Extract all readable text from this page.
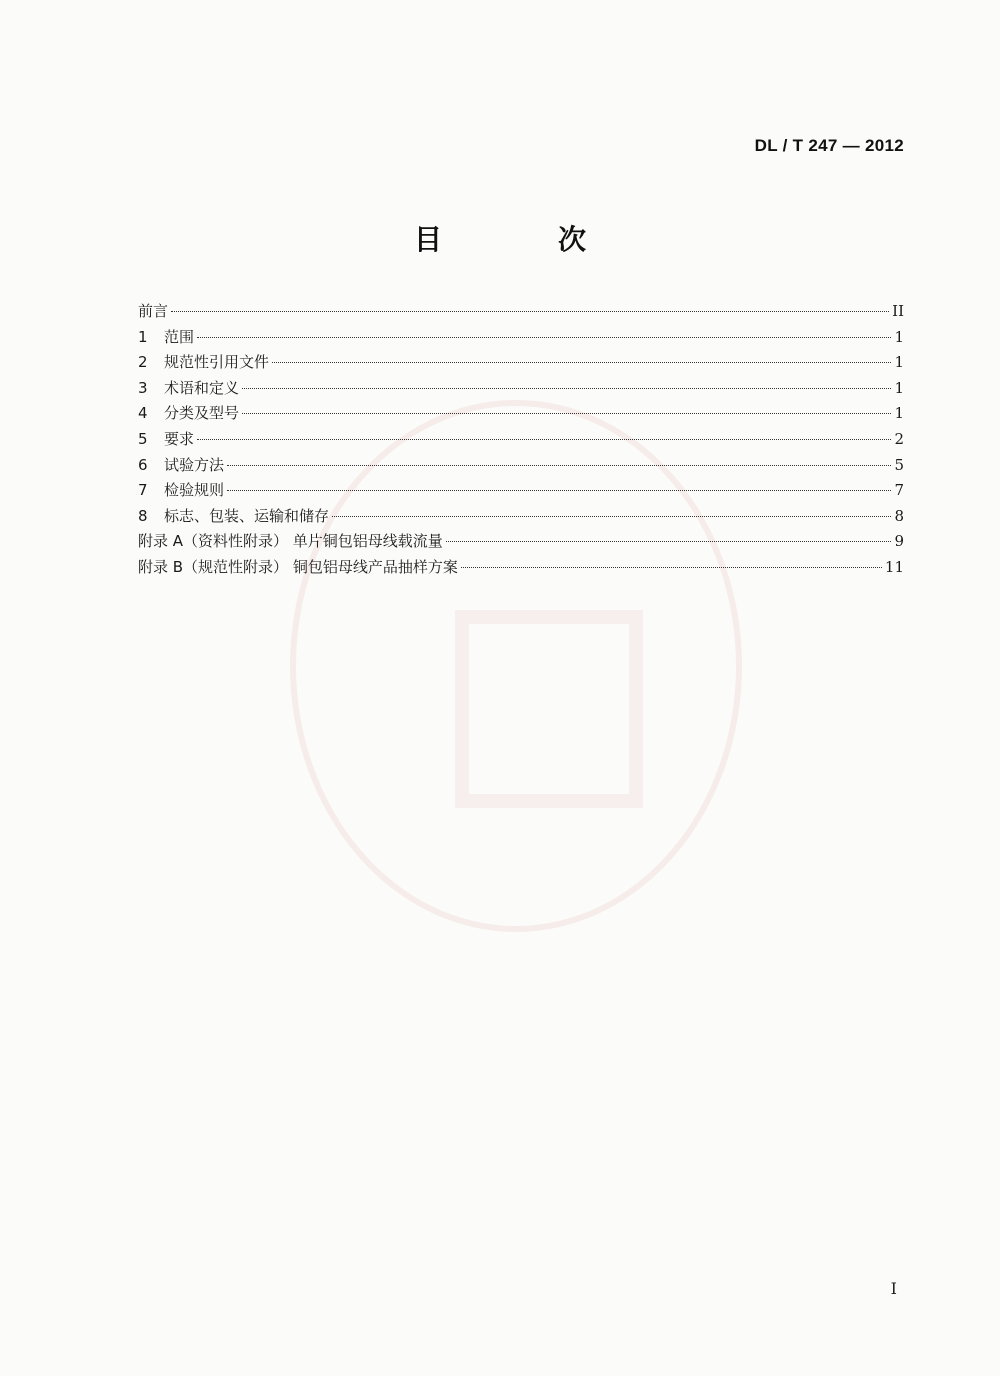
DL / T 247 — 2012
目　次
前言	II
1	范围	1
2	规范性引用文件	1
3	术语和定义	1
4	分类及型号	1
5	要求	2
6	试验方法	5
7	检验规则	7
8	标志、包装、运输和储存	8
附录 A（资料性附录） 单片铜包铝母线载流量	9
附录 B（规范性附录） 铜包铝母线产品抽样方案	11
I
